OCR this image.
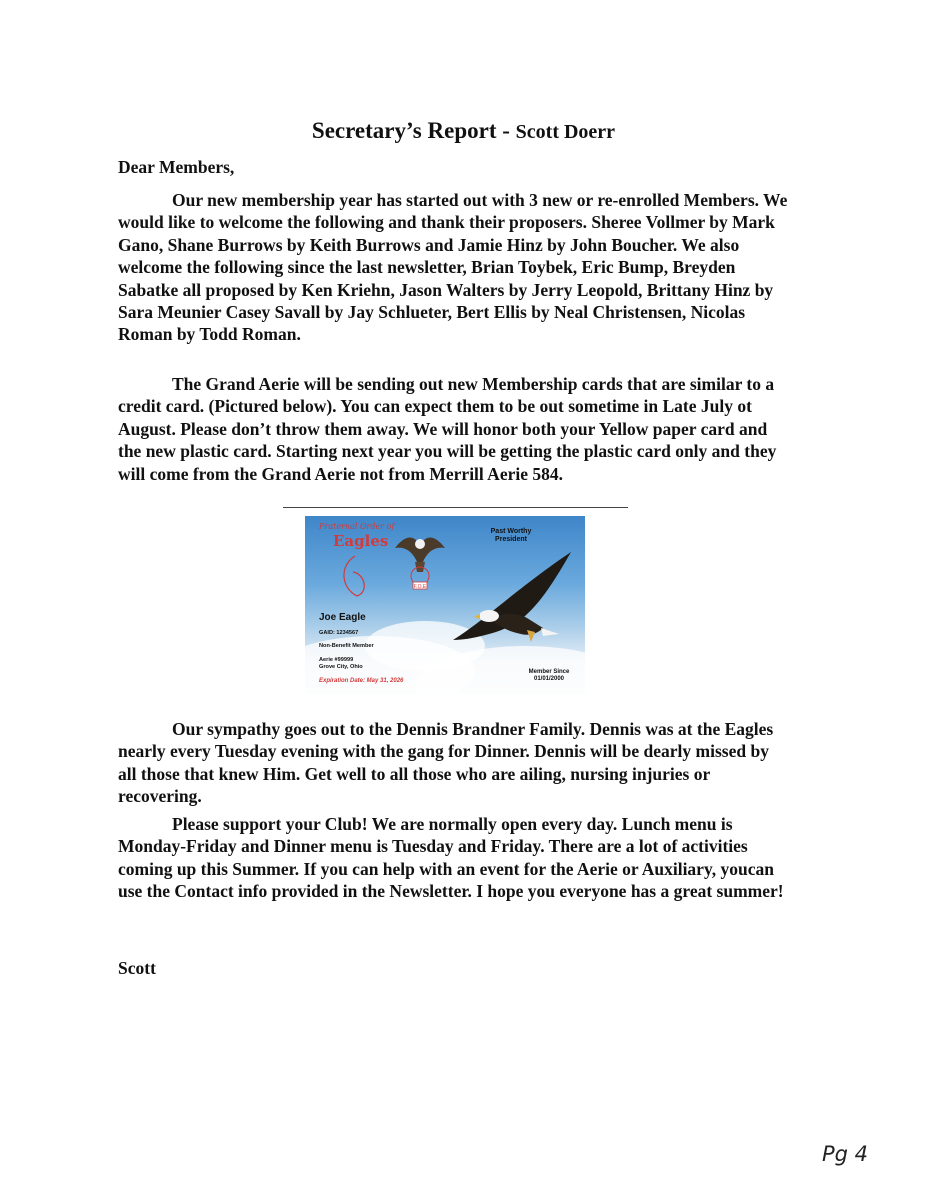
Secretary’s Report - Scott Doerr
Dear Members,

Our new membership year has started out with 3 new or re-enrolled Members. We would like to welcome the following and thank their proposers. Sheree Vollmer by Mark Gano, Shane Burrows by Keith Burrows and Jamie Hinz by John Boucher. We also welcome the following since the last newsletter, Brian Toybek, Eric Bump, Breyden Sabatke all proposed by Ken Kriehn, Jason Walters by Jerry Leopold, Brittany Hinz by Sara Meunier Casey Savall by Jay Schlueter, Bert Ellis by Neal Christensen, Nicolas Roman by Todd Roman.

The Grand Aerie will be sending out new Membership cards that are similar to a credit card. (Pictured below). You can expect them to be out sometime in Late July ot August. Please don’t throw them away. We will honor both your Yellow paper card and the new plastic card. Starting next year you will be getting the plastic card only and they will come from the Grand Aerie not from Merrill Aerie 584.

Fraternal Order of
Eagles
F.O.E
Past Worthy President
Joe Eagle
GAID: 1234567
Non-Benefit Member
Aerie #99999
Grove City, Ohio
Expiration Date: May 31, 2026
Member Since
01/01/2000

Our sympathy goes out to the Dennis Brandner Family. Dennis was at the Eagles nearly every Tuesday evening with the gang for Dinner. Dennis will be dearly missed by all those that knew Him. Get well to all those who are ailing, nursing injuries or recovering.

Please support your Club! We are normally open every day. Lunch menu is Monday-Friday and Dinner menu is Tuesday and Friday. There are a lot of activities coming up this Summer. If you can help with an event for the Aerie or Auxiliary, youcan use the Contact info provided in the Newsletter. I hope you everyone has a great summer!

Scott
Pg 4
